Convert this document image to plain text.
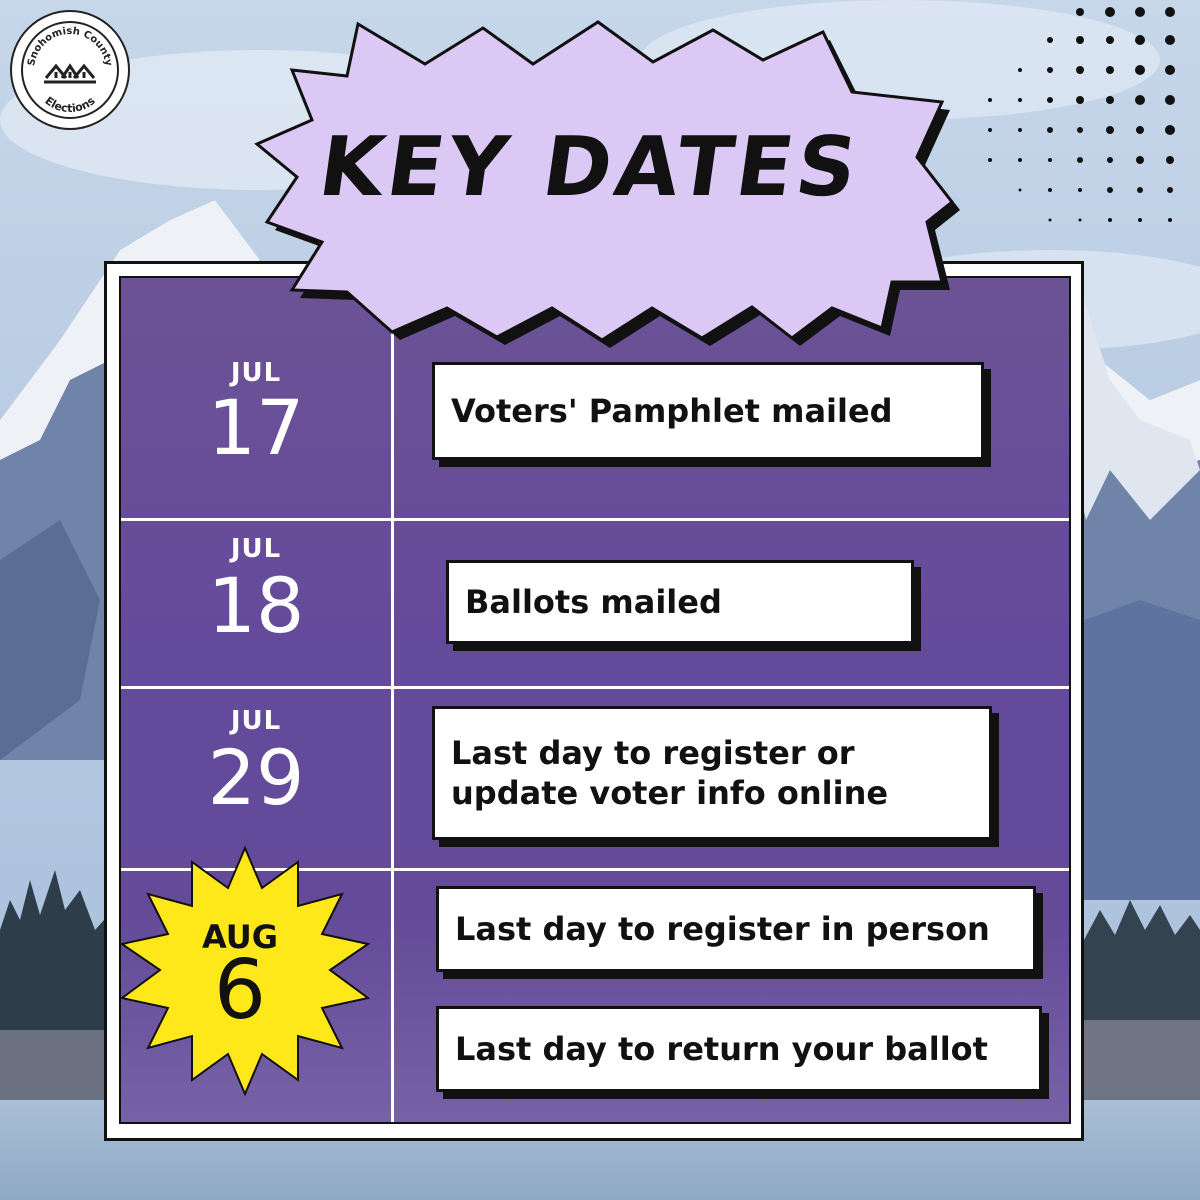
Snohomish County
Elections
JUL
17
JUL
18
JUL
29
Voters' Pamphlet mailed
Ballots mailed
Last day to register or
update voter info online
Last day to register in person
Last day to return your ballot
AUG
6
KEY DATES
